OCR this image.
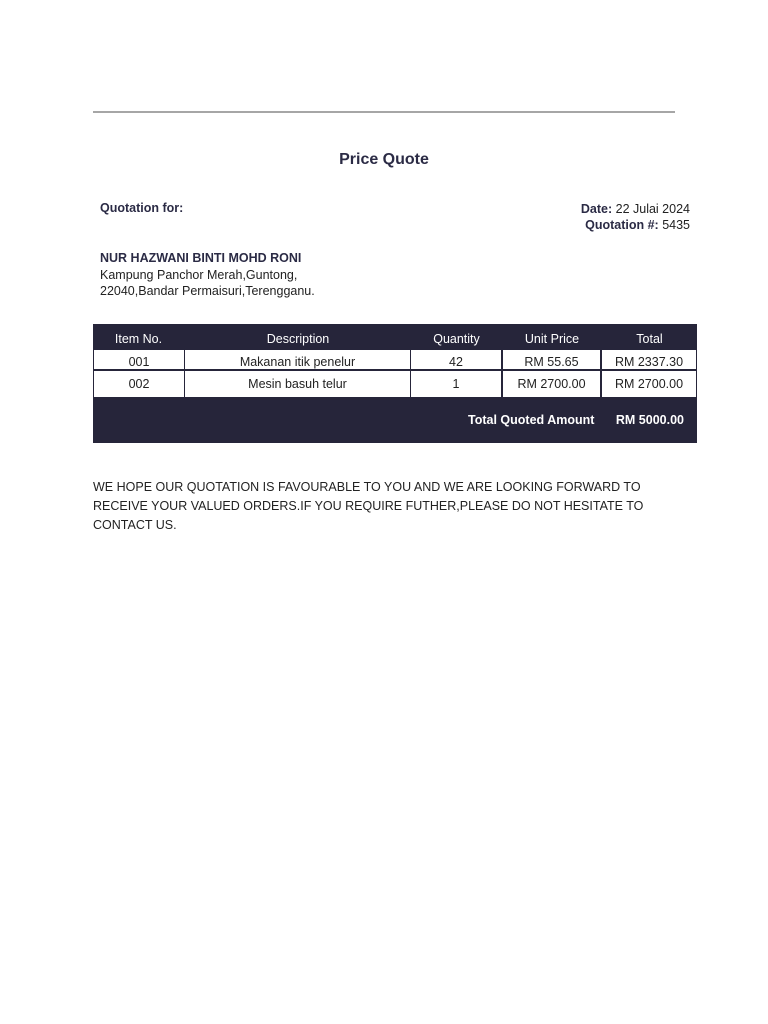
Price Quote
Quotation for:	Date: 22 Julai 2024
Quotation #: 5435
NUR HAZWANI BINTI MOHD RONI
Kampung Panchor Merah,Guntong,
22040,Bandar Permaisuri,Terengganu.
Item No.	Description	Quantity	Unit Price	Total
001	Makanan itik penelur	42	RM 55.65	RM 2337.30
002	Mesin basuh telur	1	RM 2700.00	RM 2700.00
Total Quoted Amount RM 5000.00
WE HOPE OUR QUOTATION IS FAVOURABLE TO YOU AND WE ARE LOOKING FORWARD TO RECEIVE YOUR VALUED ORDERS.IF YOU REQUIRE FUTHER,PLEASE DO NOT HESITATE TO CONTACT US.
